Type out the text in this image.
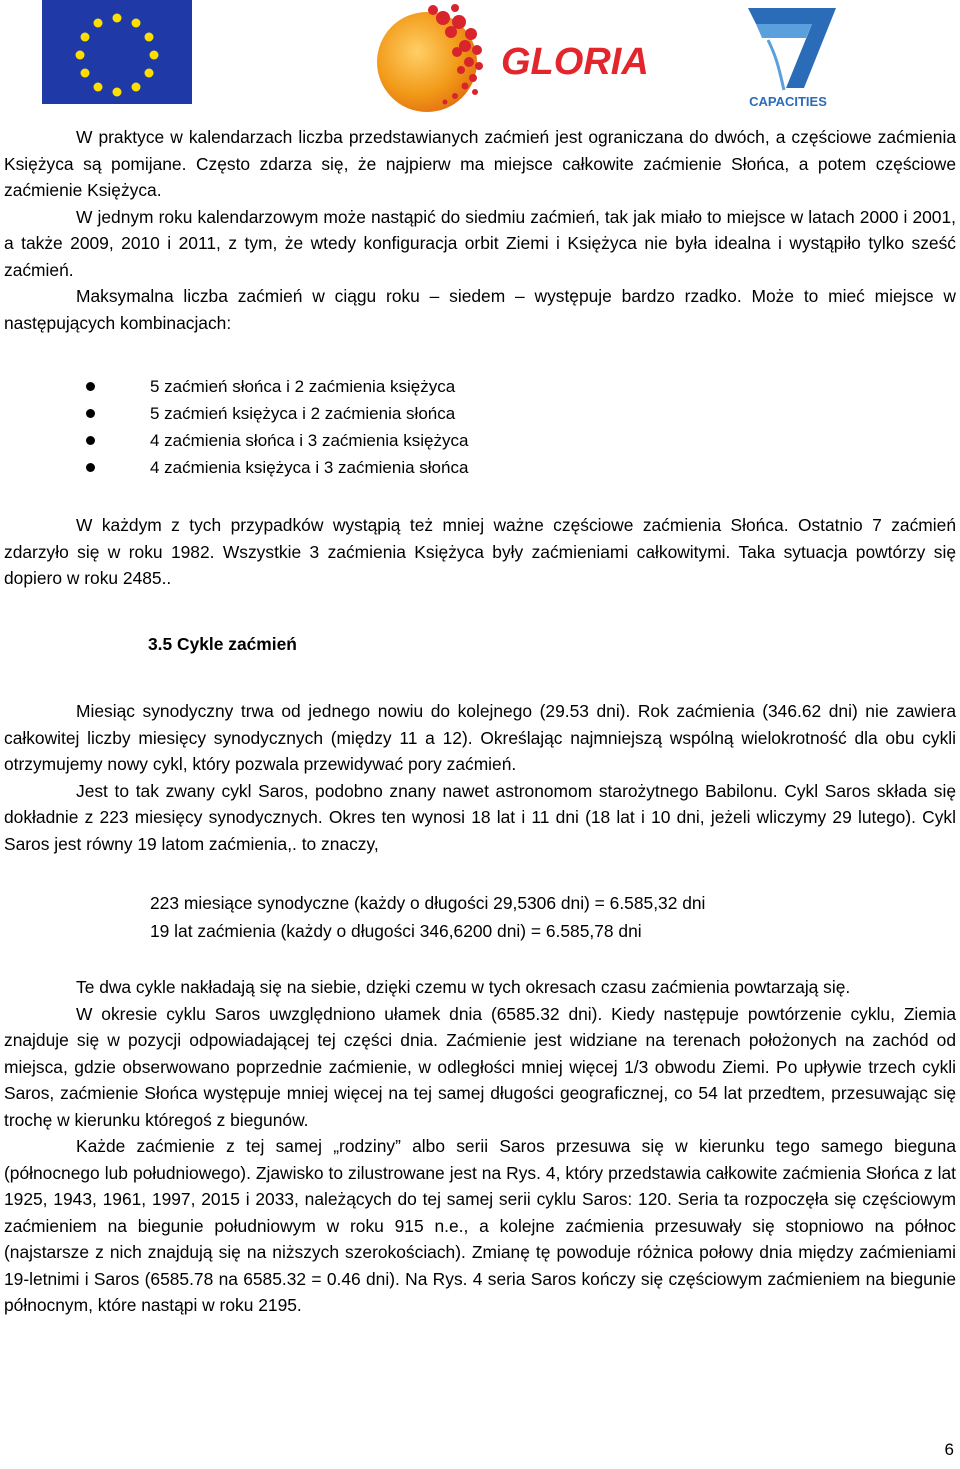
GLORIA
CAPACITIES

W praktyce w kalendarzach liczba przedstawianych zaćmień jest ograniczana do dwóch, a częściowe zaćmienia Księżyca są pomijane. Często zdarza się, że najpierw ma miejsce całkowite zaćmienie Słońca, a potem częściowe zaćmienie Księżyca.

W jednym roku kalendarzowym może nastąpić do siedmiu zaćmień, tak jak miało to miejsce w latach 2000 i 2001, a także 2009, 2010 i 2011, z tym, że wtedy konfiguracja orbit Ziemi i Księżyca nie była idealna i wystąpiło tylko sześć zaćmień.

Maksymalna liczba zaćmień w ciągu roku – siedem – występuje bardzo rzadko. Może to mieć miejsce w następujących kombinacjach:

5 zaćmień słońca i 2 zaćmienia księżyca
5 zaćmień księżyca i 2 zaćmienia słońca
4 zaćmienia słońca i 3 zaćmienia księżyca
4 zaćmienia księżyca i 3 zaćmienia słońca

W każdym z tych przypadków wystąpią też mniej ważne częściowe zaćmienia Słońca. Ostatnio 7 zaćmień zdarzyło się w roku 1982. Wszystkie 3 zaćmienia Księżyca były zaćmieniami całkowitymi. Taka sytuacja powtórzy się dopiero w roku 2485..

3.5 Cykle zaćmień

Miesiąc synodyczny trwa od jednego nowiu do kolejnego (29.53 dni). Rok zaćmienia (346.62 dni) nie zawiera całkowitej liczby miesięcy synodycznych (między 11 a 12). Określając najmniejszą wspólną wielokrotność dla obu cykli otrzymujemy nowy cykl, który pozwala przewidywać pory zaćmień.

Jest to tak zwany cykl Saros, podobno znany nawet astronomom starożytnego Babilonu. Cykl Saros składa się dokładnie z 223 miesięcy synodycznych. Okres ten wynosi 18 lat i 11 dni (18 lat i 10 dni, jeżeli wliczymy 29 lutego). Cykl Saros jest równy 19 latom zaćmienia,. to znaczy,

223 miesiące synodyczne (każdy o długości 29,5306 dni) = 6.585,32 dni
19 lat zaćmienia (każdy o długości 346,6200 dni) = 6.585,78 dni

Te dwa cykle nakładają się na siebie, dzięki czemu w tych okresach czasu zaćmienia powtarzają się.

W okresie cyklu Saros uwzględniono ułamek dnia (6585.32 dni). Kiedy następuje powtórzenie cyklu, Ziemia znajduje się w pozycji odpowiadającej tej części dnia. Zaćmienie jest widziane na terenach położonych na zachód od miejsca, gdzie obserwowano poprzednie zaćmienie, w odległości mniej więcej 1/3 obwodu Ziemi. Po upływie trzech cykli Saros, zaćmienie Słońca występuje mniej więcej na tej samej długości geograficznej, co 54 lat przedtem, przesuwając się trochę w kierunku któregoś z biegunów.

Każde zaćmienie z tej samej „rodziny” albo serii Saros przesuwa się w kierunku tego samego bieguna (północnego lub południowego). Zjawisko to zilustrowane jest na Rys. 4, który przedstawia całkowite zaćmienia Słońca z lat 1925, 1943, 1961, 1997, 2015 i 2033, należących do tej samej serii cyklu Saros: 120. Seria ta rozpoczęła się częściowym zaćmieniem na biegunie południowym w roku 915 n.e., a kolejne zaćmienia przesuwały się stopniowo na północ (najstarsze z nich znajdują się na niższych szerokościach). Zmianę tę powoduje różnica połowy dnia między zaćmieniami 19-letnimi i Saros (6585.78 na 6585.32 = 0.46 dni). Na Rys. 4 seria Saros kończy się częściowym zaćmieniem na biegunie północnym, które nastąpi w roku 2195.

6
